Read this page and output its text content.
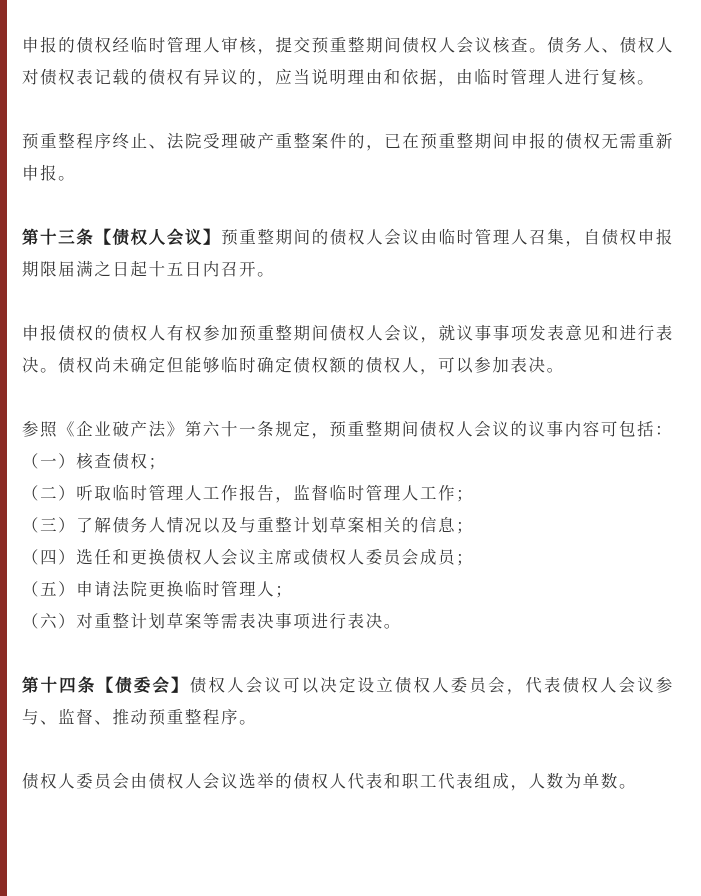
申报的债权经临时管理人审核，提交预重整期间债权人会议核查。债务人、债权人对债权表记载的债权有异议的，应当说明理由和依据，由临时管理人进行复核。

预重整程序终止、法院受理破产重整案件的，已在预重整期间申报的债权无需重新申报。

第十三条【债权人会议】预重整期间的债权人会议由临时管理人召集，自债权申报期限届满之日起十五日内召开。

申报债权的债权人有权参加预重整期间债权人会议，就议事事项发表意见和进行表决。债权尚未确定但能够临时确定债权额的债权人，可以参加表决。

参照《企业破产法》第六十一条规定，预重整期间债权人会议的议事内容可包括：

（一）核查债权；

（二）听取临时管理人工作报告，监督临时管理人工作；

（三）了解债务人情况以及与重整计划草案相关的信息；

（四）选任和更换债权人会议主席或债权人委员会成员；

（五）申请法院更换临时管理人；

（六）对重整计划草案等需表决事项进行表决。

第十四条【债委会】债权人会议可以决定设立债权人委员会，代表债权人会议参与、监督、推动预重整程序。

债权人委员会由债权人会议选举的债权人代表和职工代表组成，人数为单数。
